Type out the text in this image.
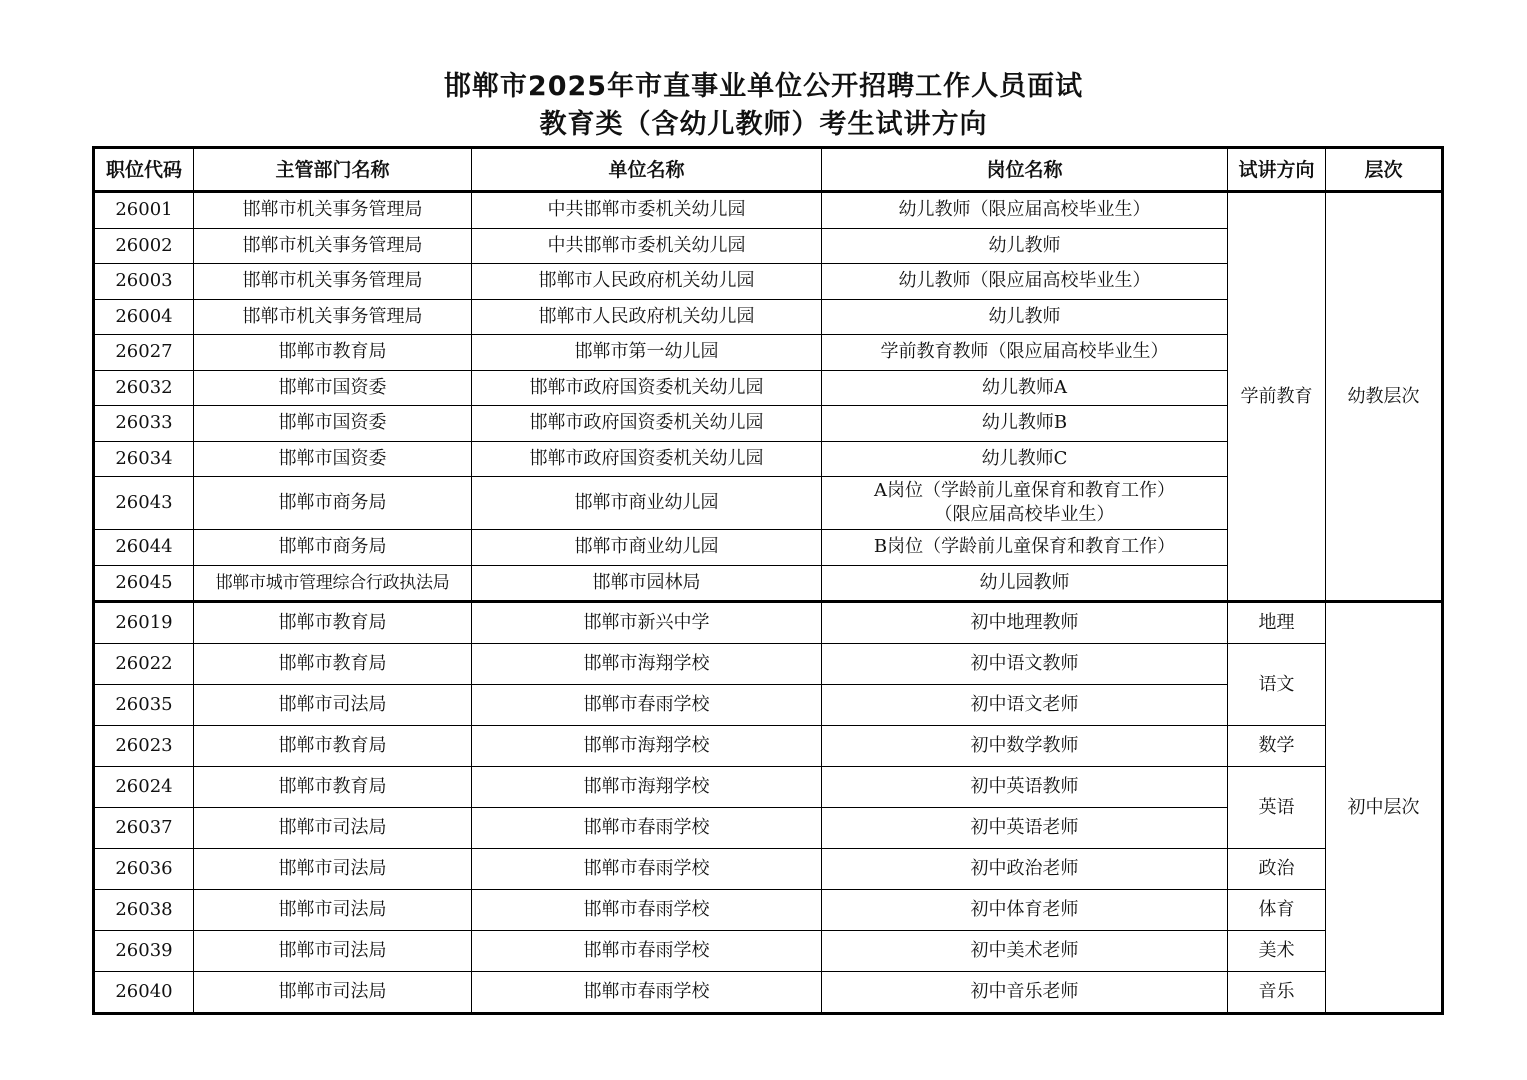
邯郸市2025年市直事业单位公开招聘工作人员面试
教育类（含幼儿教师）考生试讲方向
职位代码	主管部门名称	单位名称	岗位名称	试讲方向	层次
26001	邯郸市机关事务管理局	中共邯郸市委机关幼儿园	幼儿教师（限应届高校毕业生）	学前教育	幼教层次
26002	邯郸市机关事务管理局	中共邯郸市委机关幼儿园	幼儿教师		
26003	邯郸市机关事务管理局	邯郸市人民政府机关幼儿园	幼儿教师（限应届高校毕业生）		
26004	邯郸市机关事务管理局	邯郸市人民政府机关幼儿园	幼儿教师		
26027	邯郸市教育局	邯郸市第一幼儿园	学前教育教师（限应届高校毕业生）		
26032	邯郸市国资委	邯郸市政府国资委机关幼儿园	幼儿教师A		
26033	邯郸市国资委	邯郸市政府国资委机关幼儿园	幼儿教师B		
26034	邯郸市国资委	邯郸市政府国资委机关幼儿园	幼儿教师C		
26043	邯郸市商务局	邯郸市商业幼儿园	A岗位（学龄前儿童保育和教育工作）
（限应届高校毕业生）		

26044	邯郸市商务局	邯郸市商业幼儿园	B岗位（学龄前儿童保育和教育工作）		
26045	邯郸市城市管理综合行政执法局	邯郸市园林局	幼儿园教师		
26019	邯郸市教育局	邯郸市新兴中学	初中地理教师	地理	初中层次
26022	邯郸市教育局	邯郸市海翔学校	初中语文教师	语文	
26035	邯郸市司法局	邯郸市春雨学校	初中语文老师		
26023	邯郸市教育局	邯郸市海翔学校	初中数学教师	数学	
26024	邯郸市教育局	邯郸市海翔学校	初中英语教师	英语	
26037	邯郸市司法局	邯郸市春雨学校	初中英语老师		
26036	邯郸市司法局	邯郸市春雨学校	初中政治老师	政治	
26038	邯郸市司法局	邯郸市春雨学校	初中体育老师	体育	
26039	邯郸市司法局	邯郸市春雨学校	初中美术老师	美术	
26040	邯郸市司法局	邯郸市春雨学校	初中音乐老师	音乐	
